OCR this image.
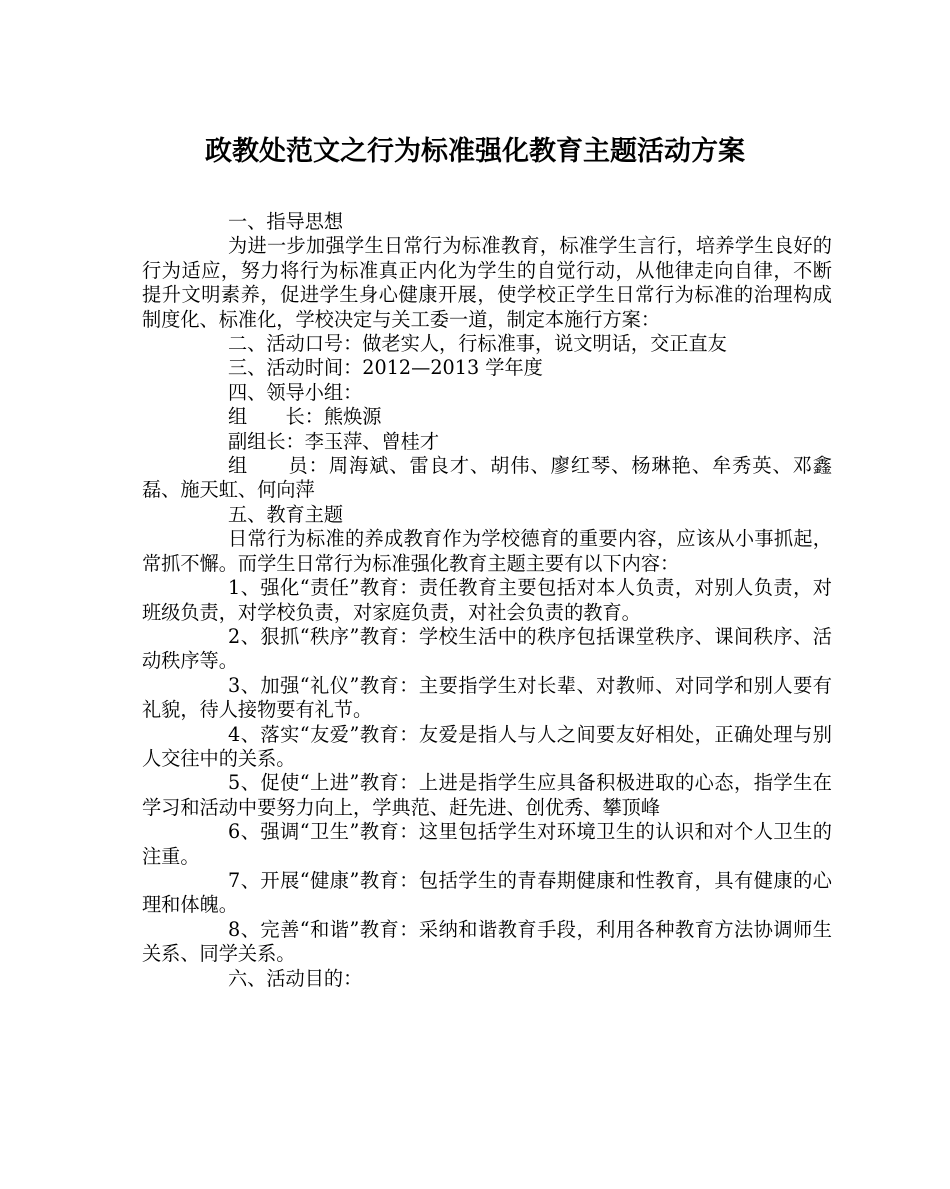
政教处范文之行为标准强化教育主题活动方案

一、指导思想

为进一步加强学生日常行为标准教育，标准学生言行，培养学生良好的行为适应，努力将行为标准真正内化为学生的自觉行动，从他律走向自律，不断提升文明素养，促进学生身心健康开展，使学校正学生日常行为标准的治理构成制度化、标准化，学校决定与关工委一道，制定本施行方案：

二、活动口号：做老实人，行标准事，说文明话，交正直友

三、活动时间：2012—2013 学年度

四、领导小组：

组　　长：熊焕源

副组长：李玉萍、曾桂才

组　　员：周海斌、雷良才、胡伟、廖红琴、杨琳艳、牟秀英、邓鑫磊、施天虹、何向萍

五、教育主题

日常行为标准的养成教育作为学校德育的重要内容，应该从小事抓起，常抓不懈。而学生日常行为标准强化教育主题主要有以下内容：

1、强化“责任”教育：责任教育主要包括对本人负责，对别人负责，对班级负责，对学校负责，对家庭负责，对社会负责的教育。

2、狠抓“秩序”教育：学校生活中的秩序包括课堂秩序、课间秩序、活动秩序等。

3、加强“礼仪”教育：主要指学生对长辈、对教师、对同学和别人要有礼貌，待人接物要有礼节。

4、落实“友爱”教育：友爱是指人与人之间要友好相处，正确处理与别人交往中的关系。

5、促使“上进”教育：上进是指学生应具备积极进取的心态，指学生在学习和活动中要努力向上，学典范、赶先进、创优秀、攀顶峰

6、强调“卫生”教育：这里包括学生对环境卫生的认识和对个人卫生的注重。

7、开展“健康”教育：包括学生的青春期健康和性教育，具有健康的心理和体魄。

8、完善“和谐”教育：采纳和谐教育手段，利用各种教育方法协调师生关系、同学关系。

六、活动目的：
